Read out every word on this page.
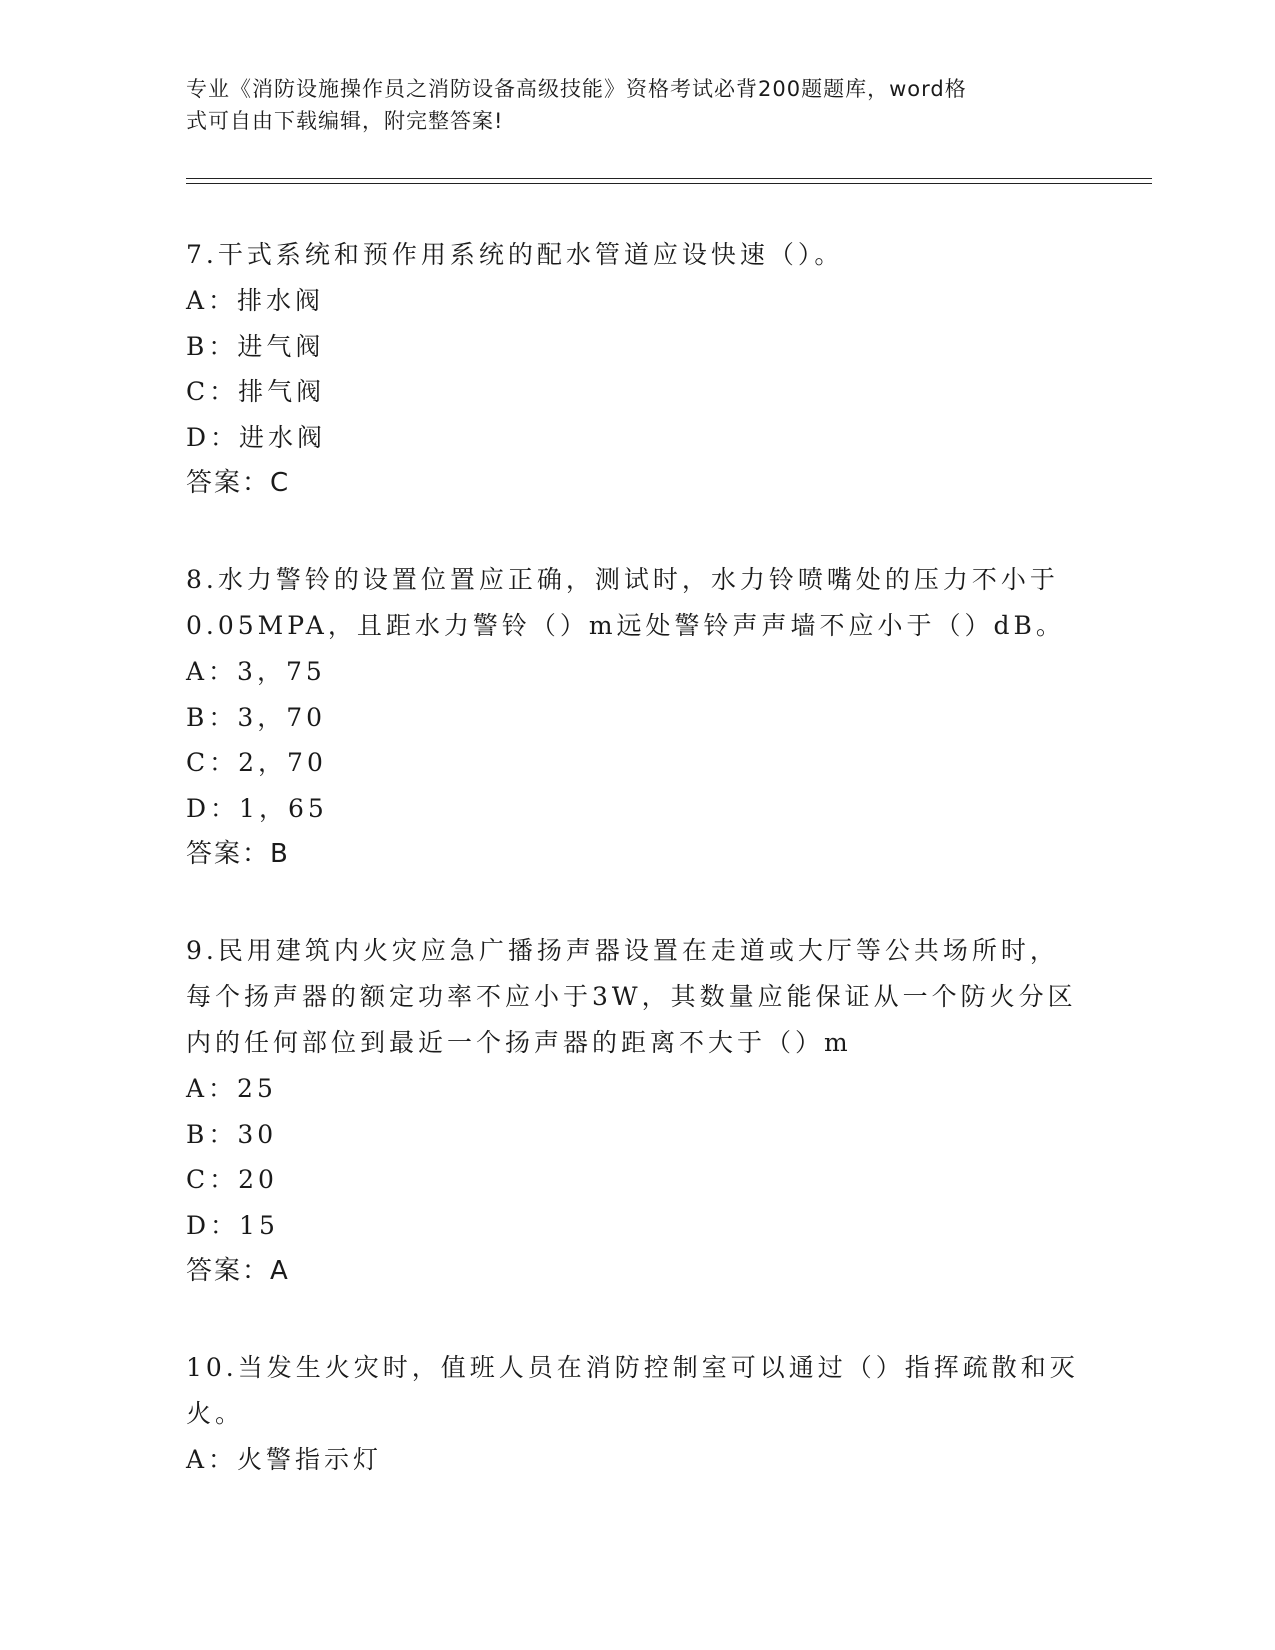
专业《消防设施操作员之消防设备高级技能》资格考试必背200题题库，word格

式可自由下载编辑，附完整答案!

7.干式系统和预作用系统的配水管道应设快速（）。

A：排水阀

B：进气阀

C：排气阀

D：进水阀

答案：C

8.水力警铃的设置位置应正确，测试时，水力铃喷嘴处的压力不小于

0.05MPA，且距水力警铃（）m远处警铃声声墙不应小于（）dB。

A：3，75

B：3，70

C：2，70

D：1，65

答案：B

9.民用建筑内火灾应急广播扬声器设置在走道或大厅等公共场所时，

每个扬声器的额定功率不应小于3W，其数量应能保证从一个防火分区

内的任何部位到最近一个扬声器的距离不大于（）m

A：25

B：30

C：20

D：15

答案：A

10.当发生火灾时，值班人员在消防控制室可以通过（）指挥疏散和灭

火。

A：火警指示灯
